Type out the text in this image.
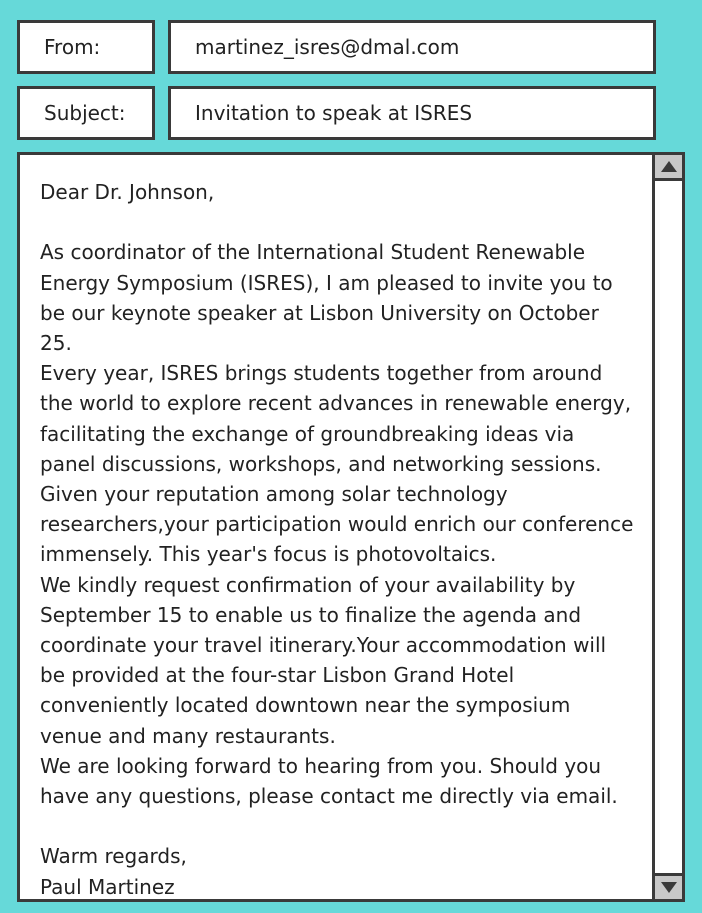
From:	martinez_isres@dmal.com
Subject:	Invitation to speak at ISRES
Dear Dr. Johnson,

As coordinator of the International Student Renewable Energy Symposium (ISRES), I am pleased to invite you to be our keynote speaker at Lisbon University on October 25.
Every year, ISRES brings students together from around the world to explore recent advances in renewable energy, facilitating the exchange of groundbreaking ideas via panel discussions, workshops, and networking sessions.
Given your reputation among solar technology researchers,your participation would enrich our conference immensely. This year's focus is photovoltaics.
We kindly request confirmation of your availability by September 15 to enable us to finalize the agenda and coordinate your travel itinerary.Your accommodation will be provided at the four-star Lisbon Grand Hotel conveniently located downtown near the symposium venue and many restaurants.
We are looking forward to hearing from you. Should you have any questions, please contact me directly via email.

Warm regards,
Paul Martinez
